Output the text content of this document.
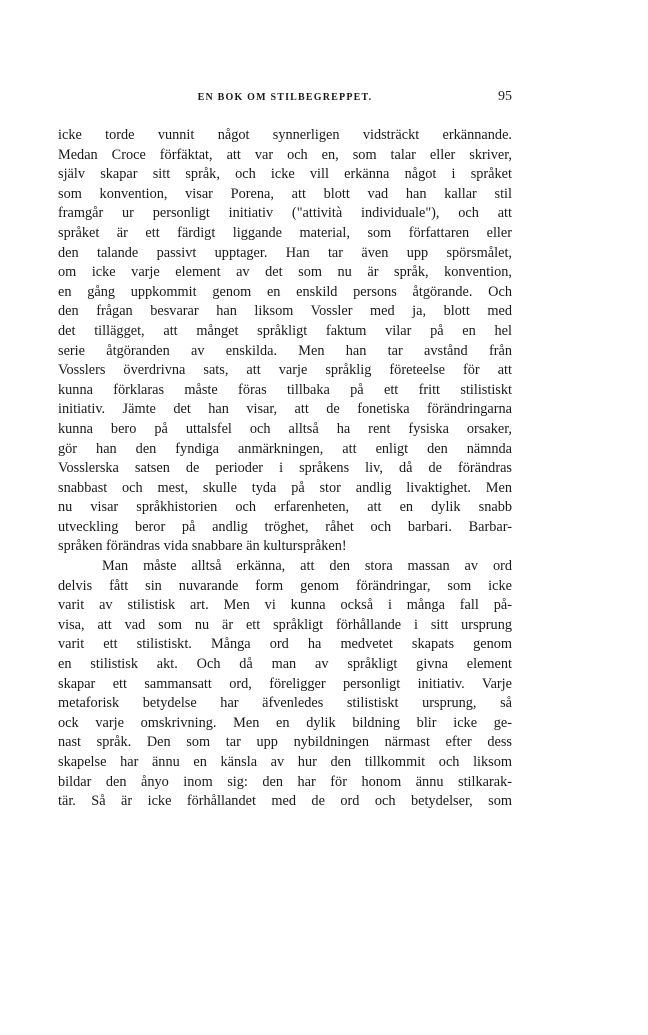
EN BOK OM STILBEGREPPET.	95
icke torde vunnit något synnerligen vidsträckt erkännande.
Medan Croce förfäktat, att var och en, som talar eller skriver,
själv skapar sitt språk, och icke vill erkänna något i språket
som konvention, visar Porena, att blott vad han kallar stil
framgår ur personligt initiativ ("attività individuale"), och att
språket är ett färdigt liggande material, som författaren eller
den talande passivt upptager. Han tar även upp spörsmålet,
om icke varje element av det som nu är språk, konvention,
en gång uppkommit genom en enskild persons åtgörande. Och
den frågan besvarar han liksom Vossler med ja, blott med
det tillägget, att månget språkligt faktum vilar på en hel
serie åtgöranden av enskilda. Men han tar avstånd från
Vosslers överdrivna sats, att varje språklig företeelse för att
kunna förklaras måste föras tillbaka på ett fritt stilistiskt
initiativ. Jämte det han visar, att de fonetiska förändringarna
kunna bero på uttalsfel och alltså ha rent fysiska orsaker,
gör han den fyndiga anmärkningen, att enligt den nämnda
Vosslerska satsen de perioder i språkens liv, då de förändras
snabbast och mest, skulle tyda på stor andlig livaktighet. Men
nu visar språkhistorien och erfarenheten, att en dylik snabb
utveckling beror på andlig tröghet, råhet och barbari. Barbar-
språken förändras vida snabbare än kulturspråken!
Man måste alltså erkänna, att den stora massan av ord
delvis fått sin nuvarande form genom förändringar, som icke
varit av stilistisk art. Men vi kunna också i många fall på-
visa, att vad som nu är ett språkligt förhållande i sitt ursprung
varit ett stilistiskt. Många ord ha medvetet skapats genom
en stilistisk akt. Och då man av språkligt givna element
skapar ett sammansatt ord, föreligger personligt initiativ. Varje
metaforisk betydelse har äfvenledes stilistiskt ursprung, så
ock varje omskrivning. Men en dylik bildning blir icke ge-
nast språk. Den som tar upp nybildningen närmast efter dess
skapelse har ännu en känsla av hur den tillkommit och liksom
bildar den ånyo inom sig: den har för honom ännu stilkarak-
tär. Så är icke förhållandet med de ord och betydelser, som
